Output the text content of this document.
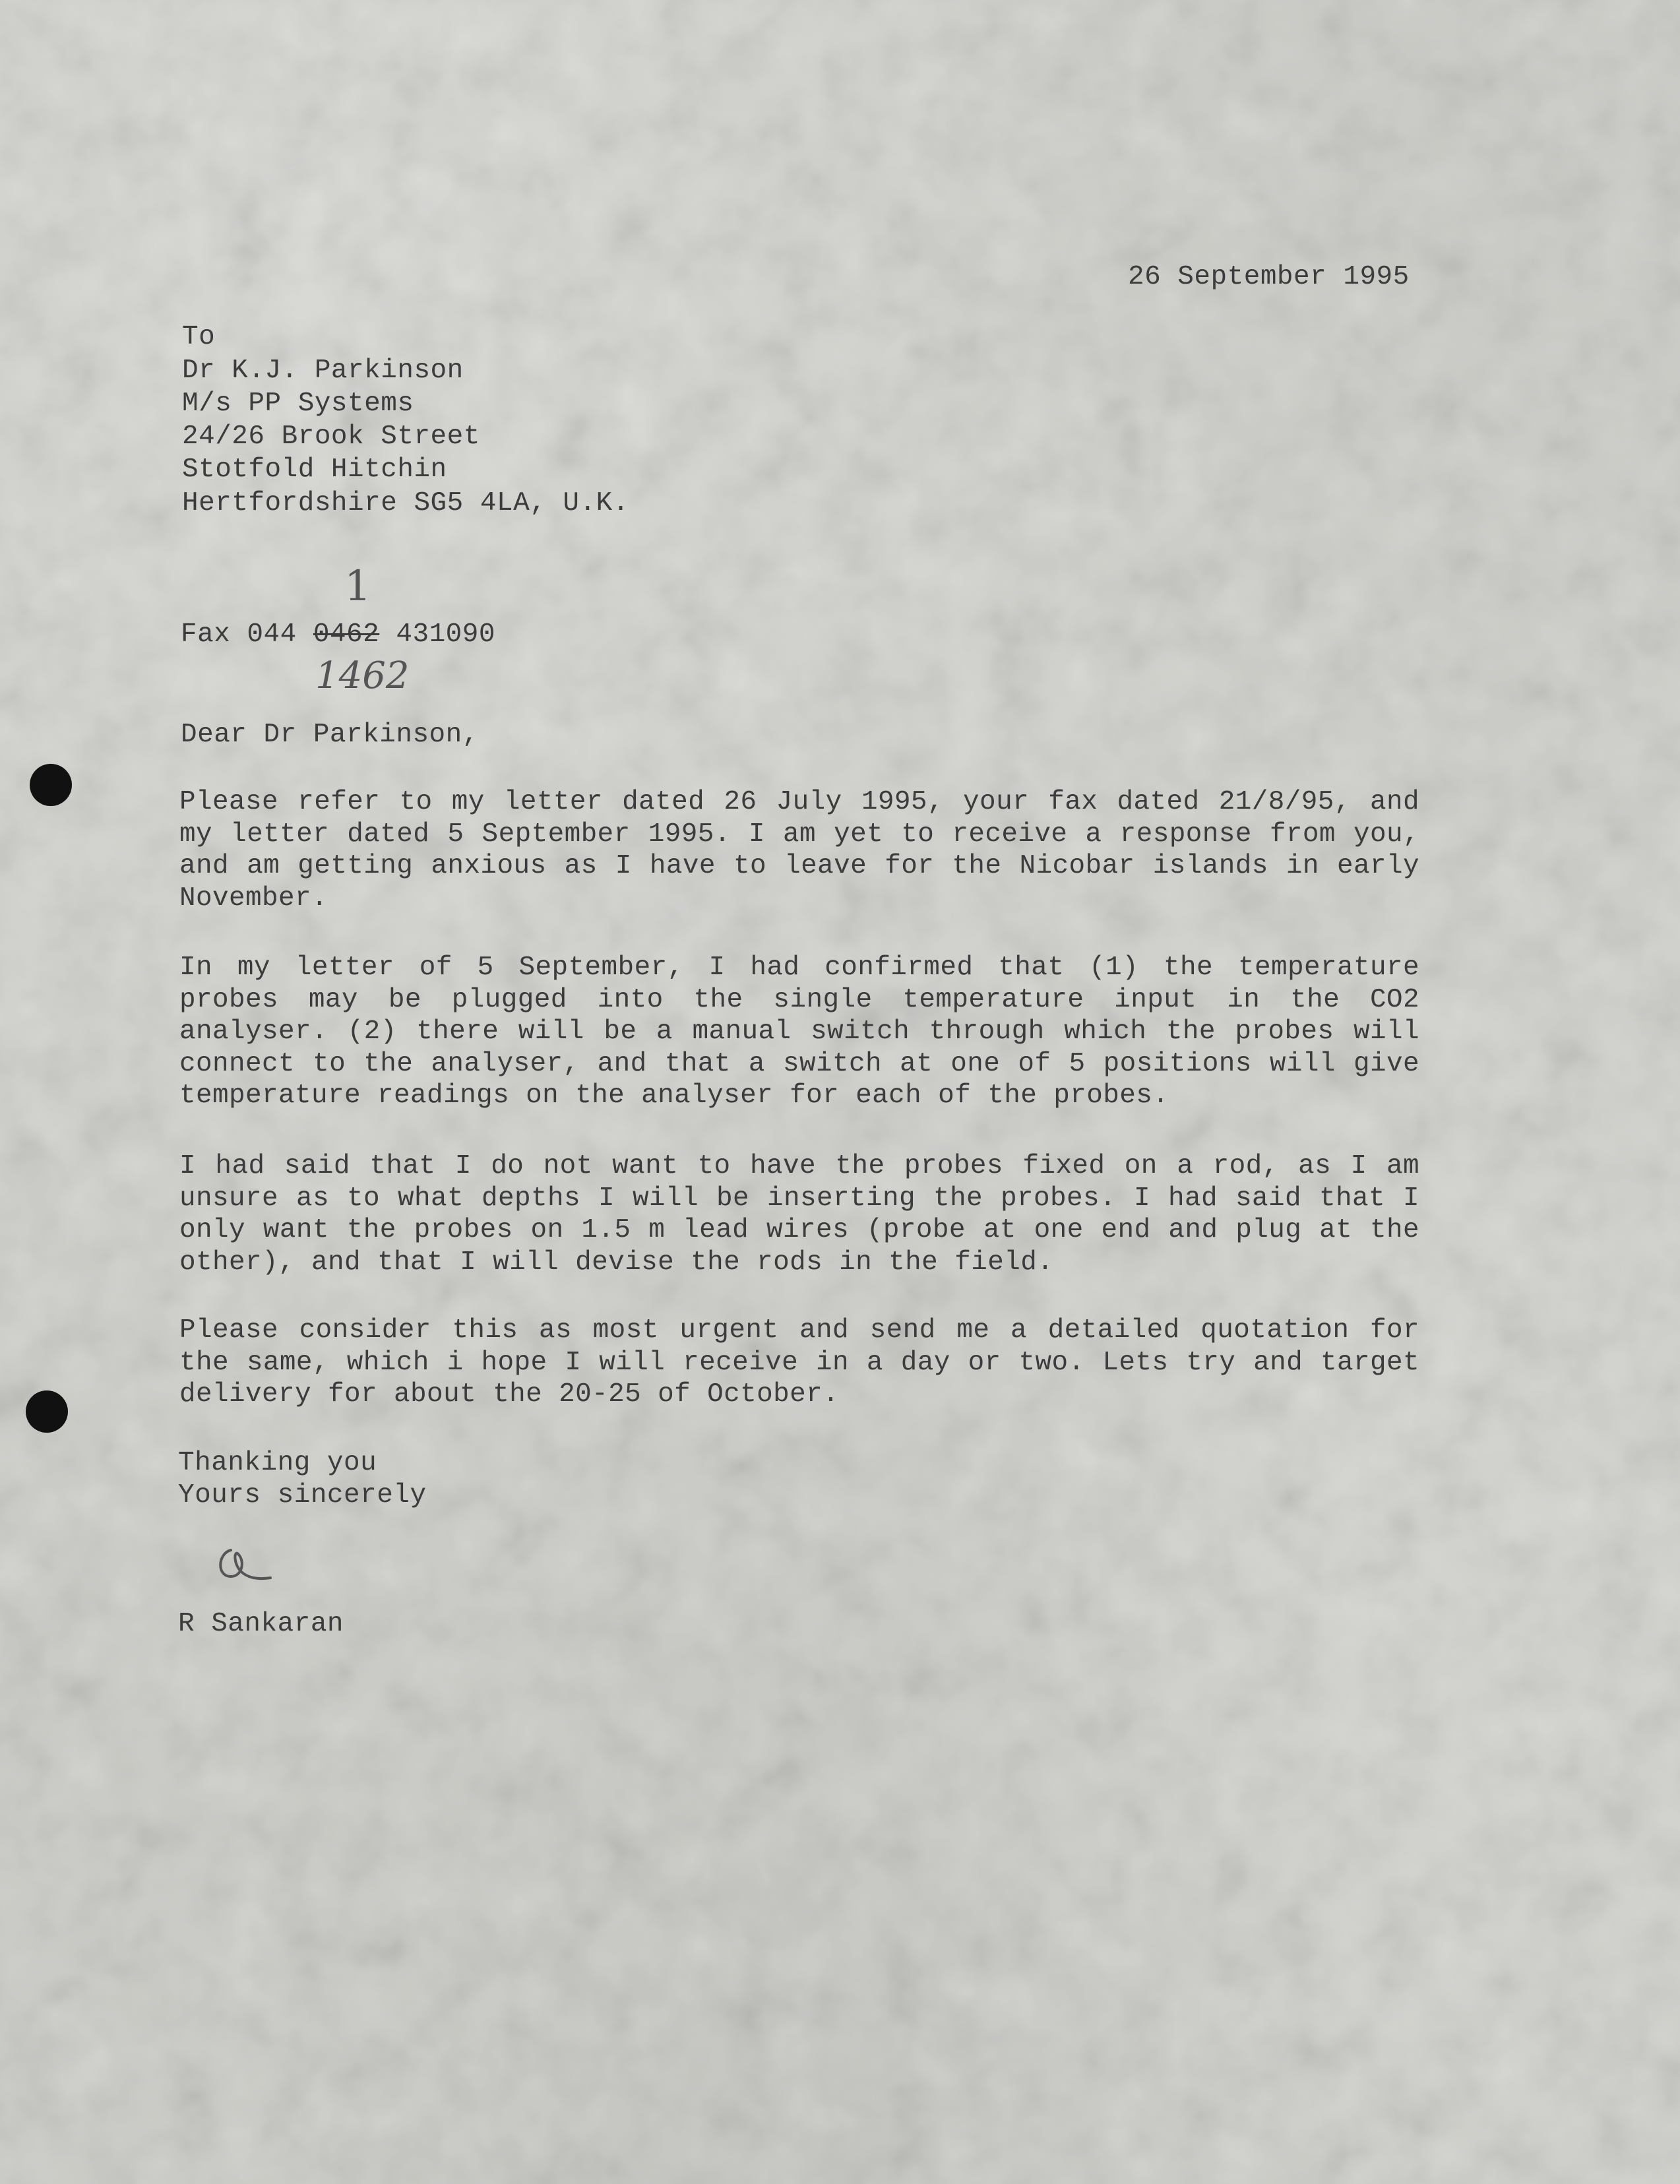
26 September 1995
To
Dr K.J. Parkinson
M/s PP Systems
24/26 Brook Street
Stotfold Hitchin
Hertfordshire SG5 4LA, U.K.
1
Fax 044 0462 431090
1462
Dear Dr Parkinson,
Please refer to my letter dated 26 July 1995, your fax dated 21/8/95, and my letter dated 5 September 1995. I am yet to receive a response from you, and am getting anxious as I have to leave for the Nicobar islands in early November.
In my letter of 5 September, I had confirmed that (1) the temperature probes may be plugged into the single temperature input in the CO2 analyser. (2) there will be a manual switch through which the probes will connect to the analyser, and that a switch at one of 5 positions will give temperature readings on the analyser for each of the probes.
I had said that I do not want to have the probes fixed on a rod, as I am unsure as to what depths I will be inserting the probes. I had said that I only want the probes on 1.5 m lead wires (probe at one end and plug at the other), and that I will devise the rods in the field.
Please consider this as most urgent and send me a detailed quotation for the same, which i hope I will receive in a day or two. Lets try and target delivery for about the 20-25 of October.
Thanking you
Yours sincerely
R Sankaran
